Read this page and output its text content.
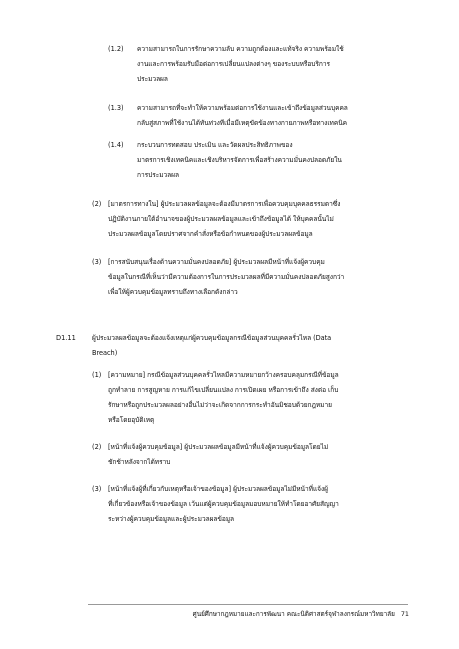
(1.2) ความสามารถในการรักษาความลับ ความถูกต้องและแท้จริง ความพร้อมใช้
งานและการพร้อมรับมือต่อการเปลี่ยนแปลงต่างๆ ของระบบหรือบริการ
ประมวลผล
(1.3) ความสามารถที่จะทำให้ความพร้อมต่อการใช้งานและเข้าถึงข้อมูลส่วนบุคคล
กลับสู่สภาพที่ใช้งานได้ทันท่วงทีเมื่อมีเหตุขัดข้องทางกายภาพหรือทางเทคนิค
(1.4) กระบวนการทดสอบ ประเมิน และวัดผลประสิทธิภาพของ
มาตรการเชิงเทคนิคและเชิงบริหารจัดการเพื่อสร้างความมั่นคงปลอดภัยใน
การประมวลผล
(2) [มาตรการทางใน] ผู้ประมวลผลข้อมูลจะต้องมีมาตรการเพื่อควบคุมบุคคลธรรมดาซึ่ง
ปฏิบัติงานภายใต้อำนาจของผู้ประมวลผลข้อมูลและเข้าถึงข้อมูลได้ ให้บุคคลนั้นไม่
ประมวลผลข้อมูลโดยปราศจากคำสั่งหรือข้อกำหนดของผู้ประมวลผลข้อมูล
(3) [การสนับสนุนเรื่องด้านความมั่นคงปลอดภัย] ผู้ประมวลผลมีหน้าที่แจ้งผู้ควบคุม
ข้อมูลในกรณีที่เห็นว่ามีความต้องการในการประมวลผลที่มีความมั่นคงปลอดภัยสูงกว่า
เพื่อให้ผู้ควบคุมข้อมูลทราบถึงทางเลือกดังกล่าว
D1.11 ผู้ประมวลผลข้อมูลจะต้องแจ้งเหตุแก่ผู้ควบคุมข้อมูลกรณีข้อมูลส่วนบุคคลรั่วไหล (Data
Breach)
(1) [ความหมาย] กรณีข้อมูลส่วนบุคคลรั่วไหลมีความหมายกว้างครอบคลุมกรณีที่ข้อมูล
ถูกทำลาย การสูญหาย การแก้ไขเปลี่ยนแปลง การเปิดเผย หรือการเข้าถึง ส่งต่อ เก็บ
รักษาหรือถูกประมวลผลอย่างอื่นไม่ว่าจะเกิดจากการกระทำอันมิชอบด้วยกฎหมาย
หรือโดยอุบัติเหตุ
(2) [หน้าที่แจ้งผู้ควบคุมข้อมูล] ผู้ประมวลผลข้อมูลมีหน้าที่แจ้งผู้ควบคุมข้อมูลโดยไม่
ชักช้าหลังจากได้ทราบ
(3) [หน้าที่แจ้งผู้ที่เกี่ยวกับเหตุหรือเจ้าของข้อมูล] ผู้ประมวลผลข้อมูลไม่มีหน้าที่แจ้งผู้
ที่เกี่ยวข้องหรือเจ้าของข้อมูล เว้นแต่ผู้ควบคุมข้อมูลมอบหมายให้ทำโดยอาศัยสัญญา
ระหว่างผู้ควบคุมข้อมูลและผู้ประมวลผลข้อมูล
ศูนย์ศึกษากฎหมายและการพัฒนา คณะนิติศาสตร์จุฬาลงกรณ์มหาวิทยาลัย 71
